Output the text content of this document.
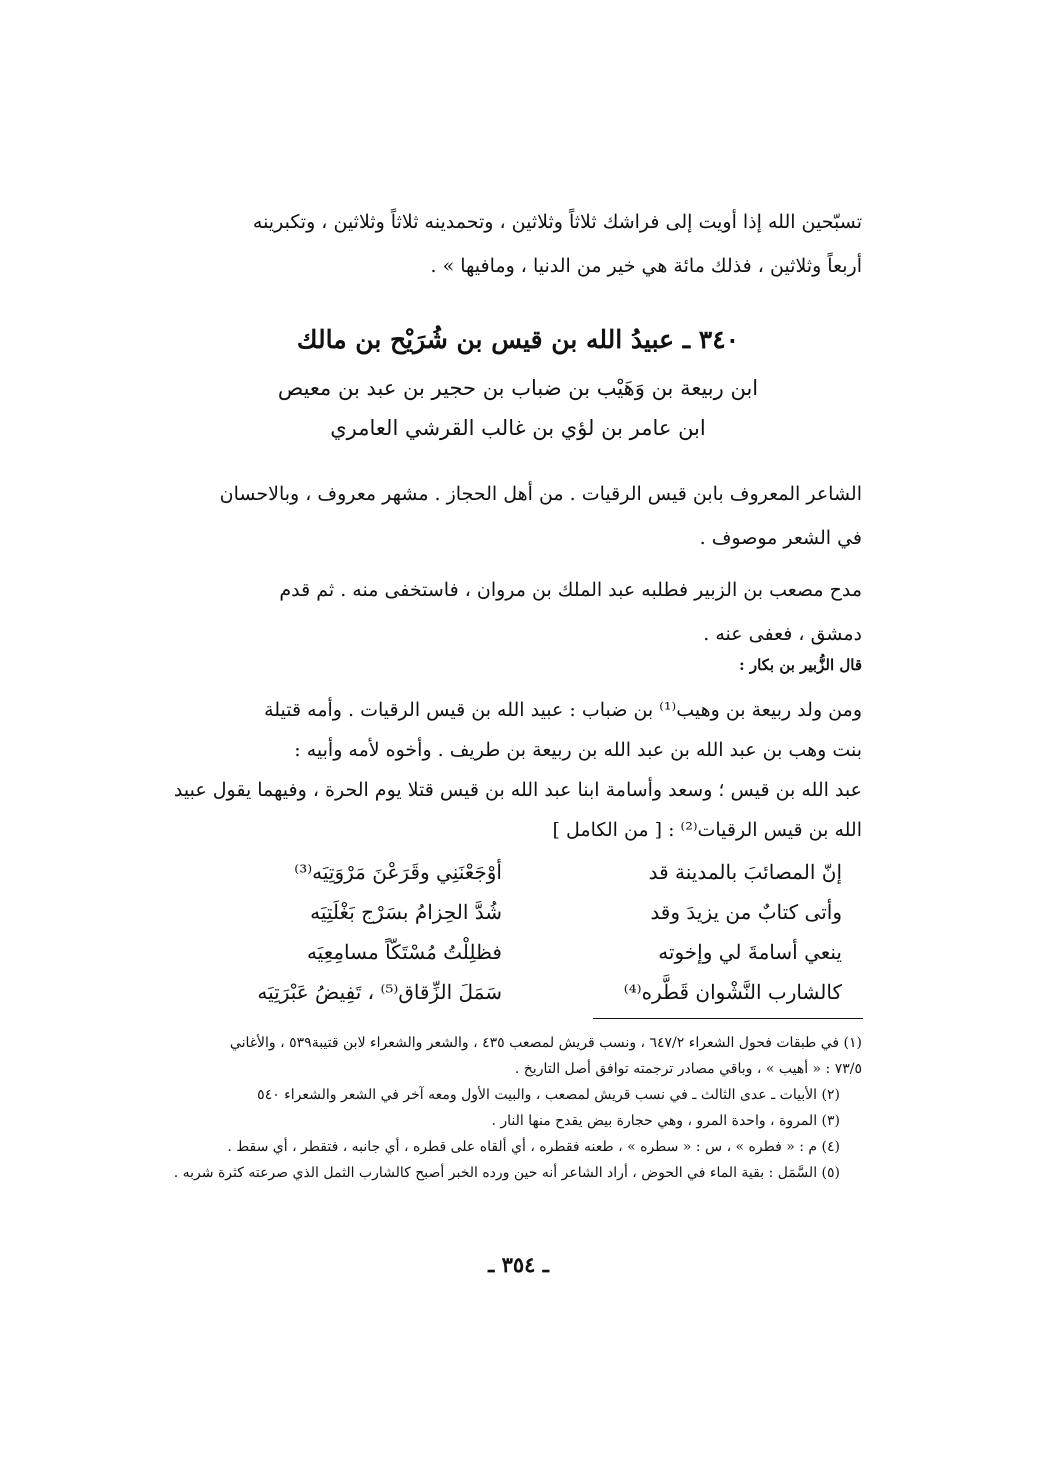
تسبّحين الله إذا أويت إلى فراشك ثلاثاً وثلاثين ، وتحمدينه ثلاثاً وثلاثين ، وتكبرينه
أربعاً وثلاثين ، فذلك مائة هي خير من الدنيا ، ومافيها » .
٣٤٠ ـ عبيدُ الله بن قيس بن شُرَيْح بن مالك
ابن ربيعة بن وَهَيْب بن ضباب بن حجير بن عبد بن معيص
ابن عامر بن لؤي بن غالب القرشي العامري
الشاعر المعروف بابن قيس الرقيات . من أهل الحجاز . مشهر معروف ، وبالاحسان
في الشعر موصوف .
مدح مصعب بن الزبير فطلبه عبد الملك بن مروان ، فاستخفى منه . ثم قدم
دمشق ، فعفى عنه .
قال الزُّبير بن بكار :
ومن ولد ربيعة بن وهيب⁽¹⁾ بن ضباب : عبيد الله بن قيس الرقيات . وأمه قتيلة
بنت وهب بن عبد الله بن عبد الله بن ربيعة بن طريف . وأخوه لأمه وأبيه :
عبد الله بن قيس ؛ وسعد وأسامة ابنا عبد الله بن قيس قتلا يوم الحرة ، وفيهما يقول عبيد
الله بن قيس الرقيات⁽²⁾ : [ من الكامل ]
إنّ المصائبَ بالمدينة قد
أوْجَعْنَنِي وقَرَعْنَ مَرْوَتِيَه⁽³⁾
وأتى كتابٌ من يزيدَ وقد
شُدَّ الحِزامُ بسَرْج بَغْلَتِيَه
ينعي أسامةَ لي وإخوته
فظلِلْتُ مُسْتَكّاً مسامِعِيَه
كالشارب النَّشْوان قَطَّره⁽⁴⁾
سَمَلَ الزِّقاق⁽⁵⁾ ، تَفِيضُ عَبْرَتِيَه
(١) في طبقات فحول الشعراء ٦٤٧/٢ ، ونسب قريش لمصعب ٤٣٥ ، والشعر والشعراء لابن قتيبة٥٣٩ ، والأغاني
٧٣/٥ : « أهيب » ، وباقي مصادر ترجمته توافق أصل التاريخ .
(٢) الأبيات ـ عدى الثالث ـ في نسب قريش لمصعب ، والبيت الأول ومعه آخر في الشعر والشعراء ٥٤٠
(٣) المروة ، واحدة المرو ، وهي حجارة بيض يقدح منها النار .
(٤) م : « فطره » ، س : « سطره » ، طعنه فقطره ، أي ألقاه على قطره ، أي جانبه ، فتقطر ، أي سقط .
(٥) السَّمَل : بقية الماء في الحوض ، أراد الشاعر أنه حين ورده الخبر أصبح كالشارب الثمل الذي صرعته كثرة شربه .
ـ ٣٥٤ ـ
